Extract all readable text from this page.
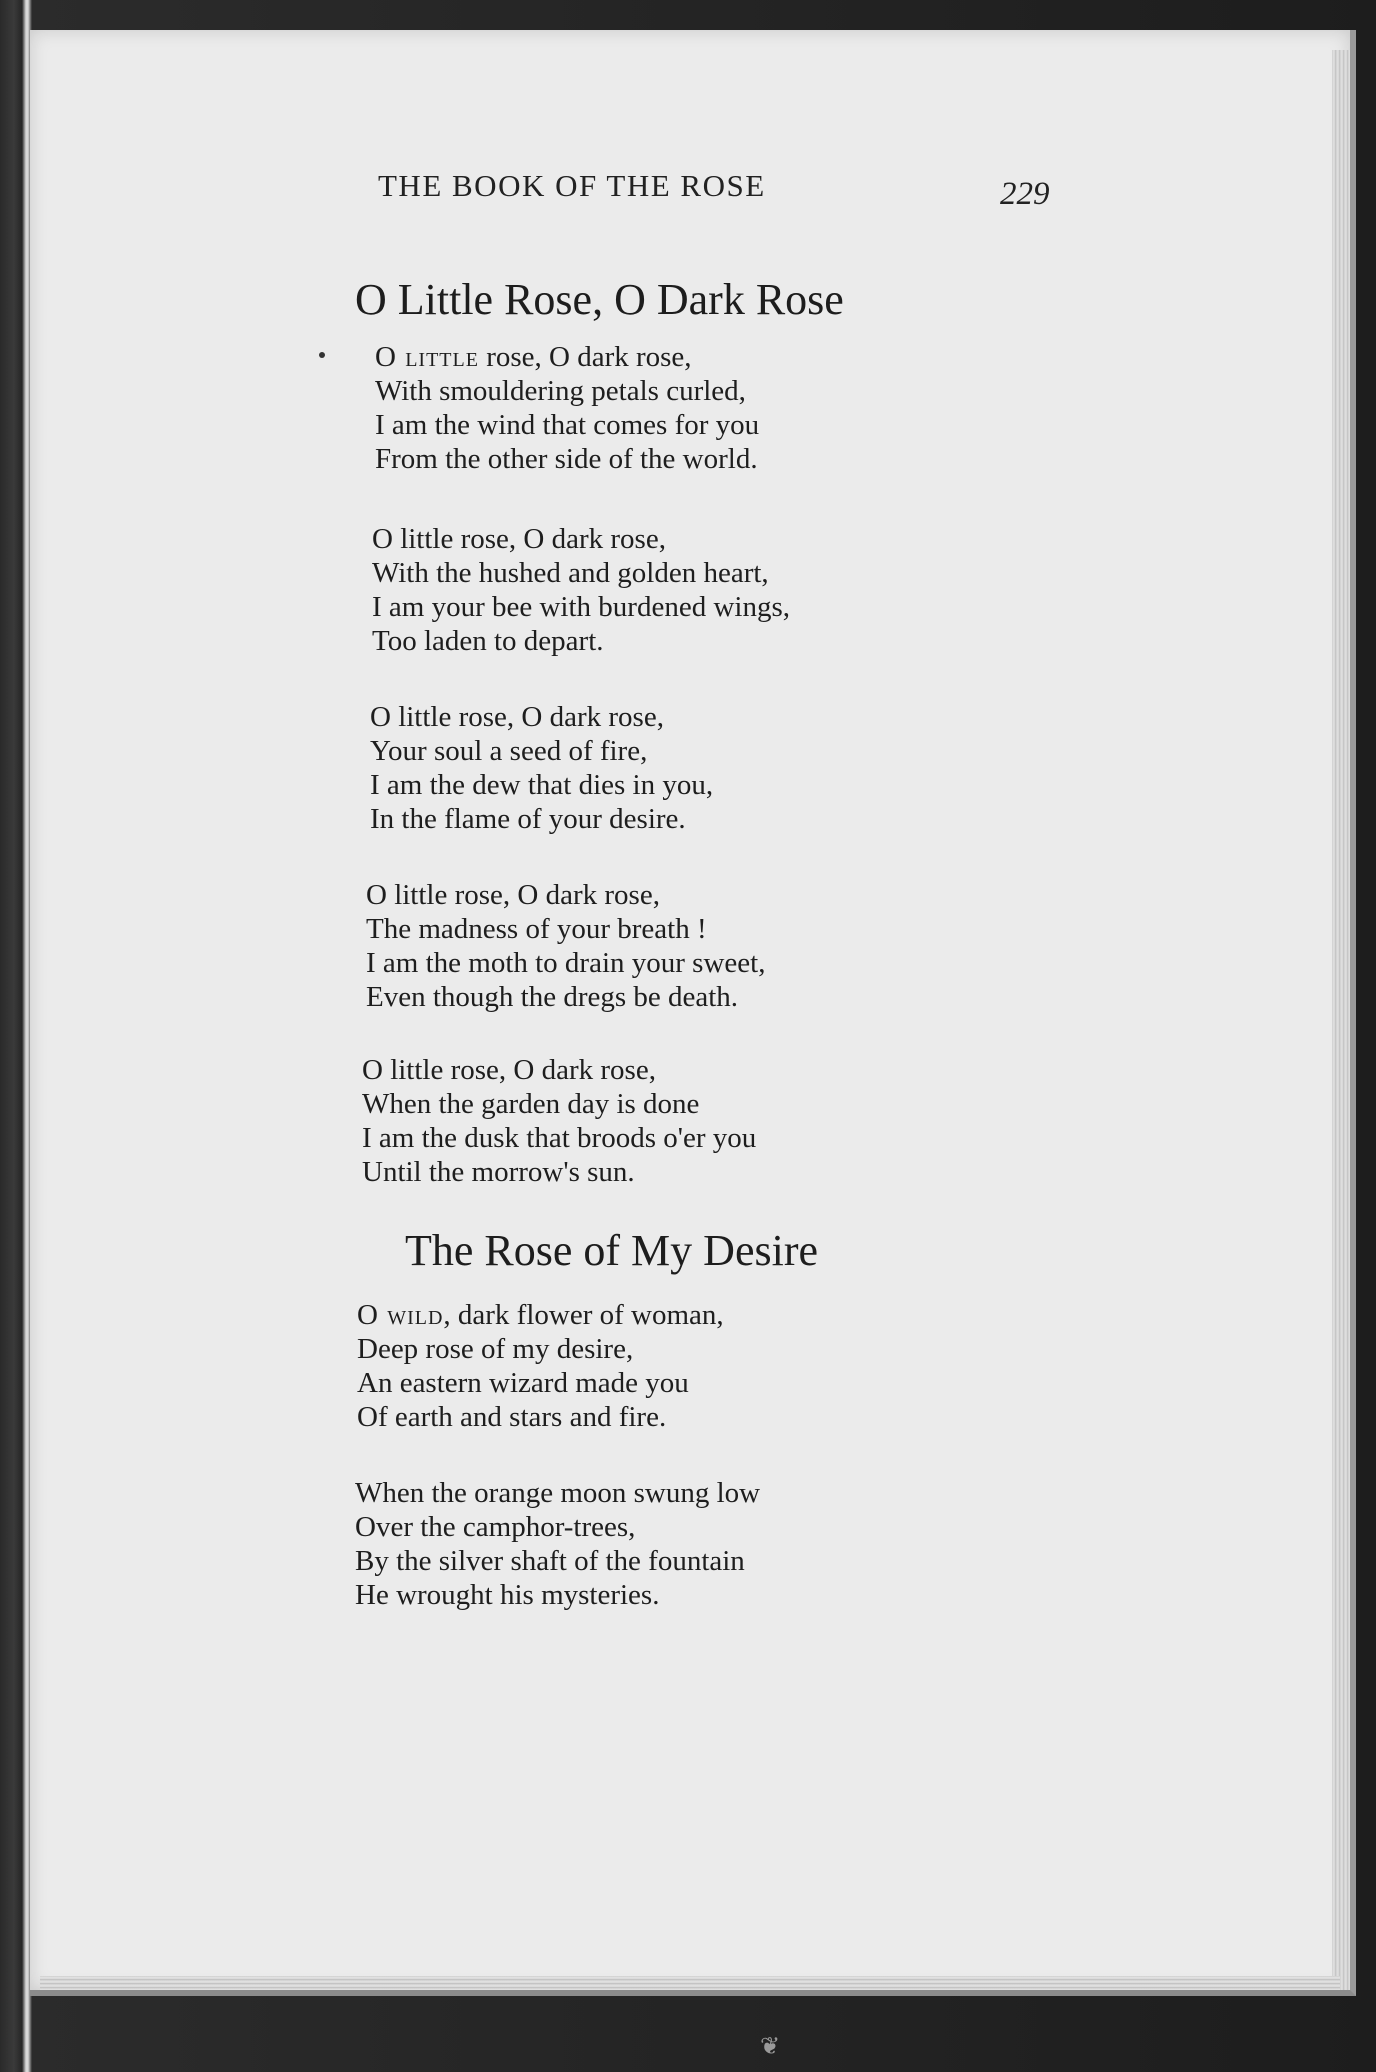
THE BOOK OF THE ROSE	229
O Little Rose, O Dark Rose
O little rose, O dark rose,
With smouldering petals curled,
I am the wind that comes for you
From the other side of the world.
O little rose, O dark rose,
With the hushed and golden heart,
I am your bee with burdened wings,
Too laden to depart.
O little rose, O dark rose,
Your soul a seed of fire,
I am the dew that dies in you,
In the flame of your desire.
O little rose, O dark rose,
The madness of your breath !
I am the moth to drain your sweet,
Even though the dregs be death.
O little rose, O dark rose,
When the garden day is done
I am the dusk that broods o'er you
Until the morrow's sun.
The Rose of My Desire
O wild, dark flower of woman,
Deep rose of my desire,
An eastern wizard made you
Of earth and stars and fire.
When the orange moon swung low
Over the camphor-trees,
By the silver shaft of the fountain
He wrought his mysteries.
❦
